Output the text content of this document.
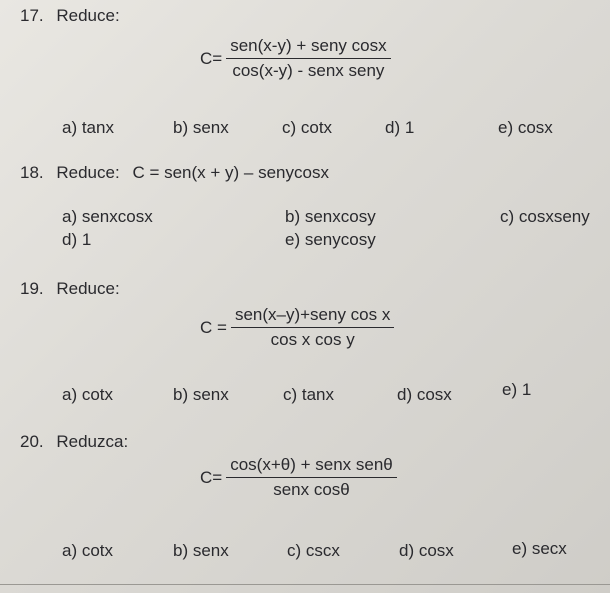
17. Reduce:
$C= \frac{\text{sen(x-y) + seny cosx}}{\text{cos(x-y) - senx seny}}$
a) tanx	b) senx	c) cotx	d) 1	e) cosx
18. Reduce: C = sen(x + y) – senycosx
a) senxcosx	b) senxcosy	c) cosxseny
d) 1	e) senycosy
19. Reduce:
$C = \frac{\text{sen(x–y)+seny cos x}}{\text{cos x cos y}}$
a) cotx	b) senx	c) tanx	d) cosx	e) 1
20. Reduzca:
$C= \frac{\text{cos(x+θ) + senx senθ}}{\text{senx cosθ}}$
a) cotx	b) senx	c) cscx	d) cosx	e) secx
